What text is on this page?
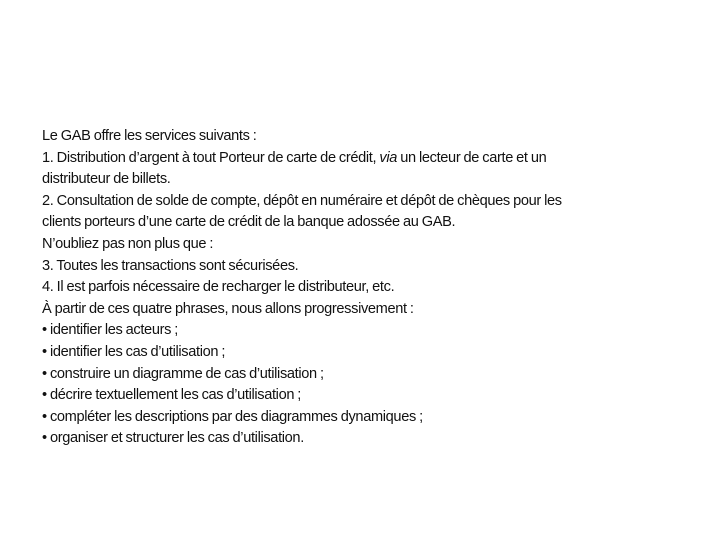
Le GAB offre les services suivants :
1. Distribution d’argent à tout Porteur de carte de crédit, via un lecteur de carte et un
distributeur de billets.
2. Consultation de solde de compte, dépôt en numéraire et dépôt de chèques pour les
clients porteurs d’une carte de crédit de la banque adossée au GAB.
N’oubliez pas non plus que :
3. Toutes les transactions sont sécurisées.
4. Il est parfois nécessaire de recharger le distributeur, etc.
À partir de ces quatre phrases, nous allons progressivement :
• identifier les acteurs ;
• identifier les cas d’utilisation ;
• construire un diagramme de cas d’utilisation ;
• décrire textuellement les cas d’utilisation ;
• compléter les descriptions par des diagrammes dynamiques ;
• organiser et structurer les cas d’utilisation.
